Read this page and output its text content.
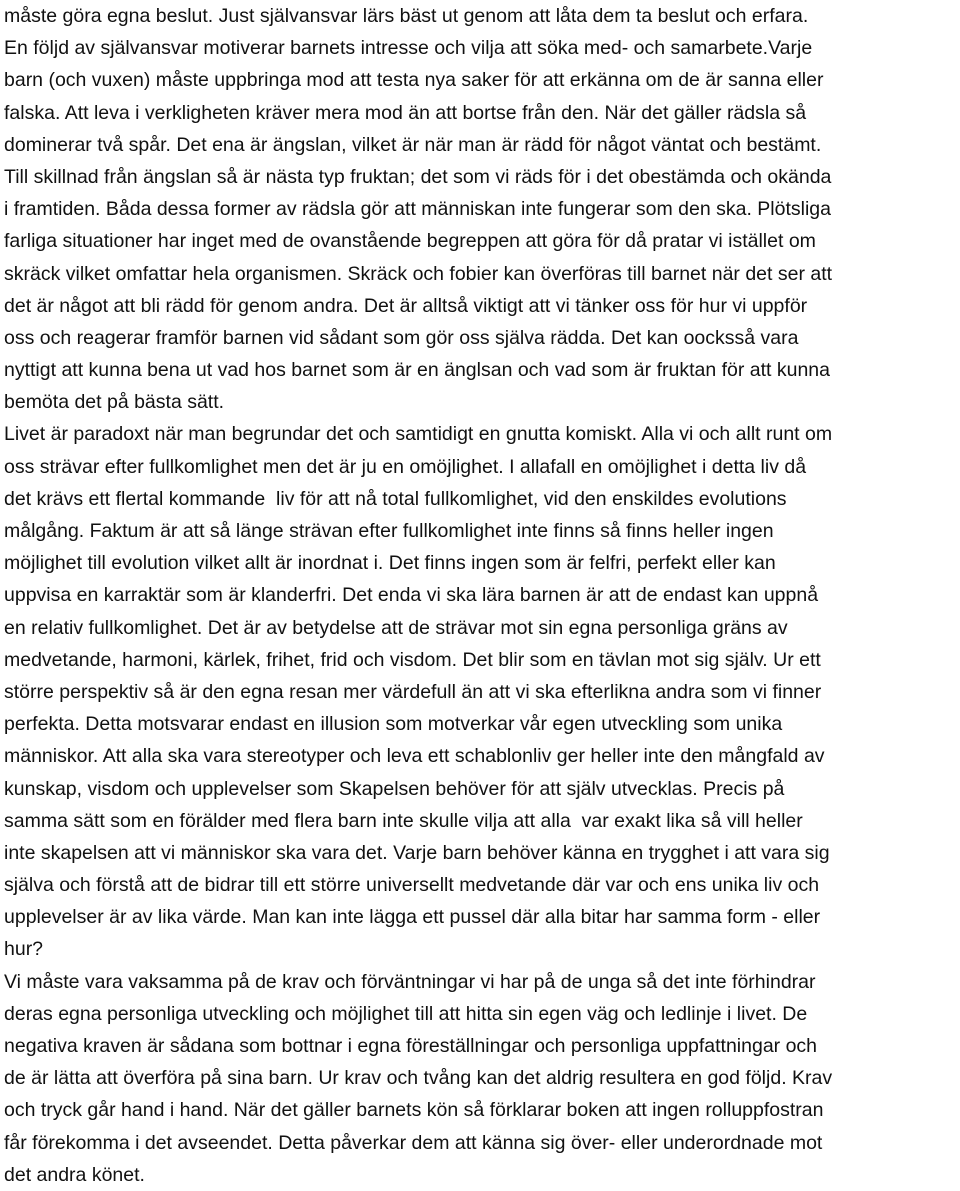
måste göra egna beslut. Just självansvar lärs bäst ut genom att låta dem ta beslut och erfara.
En följd av självansvar motiverar barnets intresse och vilja att söka med- och samarbete.Varje
barn (och vuxen) måste uppbringa mod att testa nya saker för att erkänna om de är sanna eller
falska. Att leva i verkligheten kräver mera mod än att bortse från den. När det gäller rädsla så
dominerar två spår. Det ena är ängslan, vilket är när man är rädd för något väntat och bestämt.
Till skillnad från ängslan så är nästa typ fruktan; det som vi räds för i det obestämda och okända
i framtiden. Båda dessa former av rädsla gör att människan inte fungerar som den ska. Plötsliga
farliga situationer har inget med de ovanstående begreppen att göra för då pratar vi istället om
skräck vilket omfattar hela organismen. Skräck och fobier kan överföras till barnet när det ser att
det är något att bli rädd för genom andra. Det är alltså viktigt att vi tänker oss för hur vi uppför
oss och reagerar framför barnen vid sådant som gör oss själva rädda. Det kan oocksså vara
nyttigt att kunna bena ut vad hos barnet som är en änglsan och vad som är fruktan för att kunna
bemöta det på bästa sätt.
Livet är paradoxt när man begrundar det och samtidigt en gnutta komiskt. Alla vi och allt runt om
oss strävar efter fullkomlighet men det är ju en omöjlighet. I allafall en omöjlighet i detta liv då
det krävs ett flertal kommande  liv för att nå total fullkomlighet, vid den enskildes evolutions
målgång. Faktum är att så länge strävan efter fullkomlighet inte finns så finns heller ingen
möjlighet till evolution vilket allt är inordnat i. Det finns ingen som är felfri, perfekt eller kan
uppvisa en karraktär som är klanderfri. Det enda vi ska lära barnen är att de endast kan uppnå
en relativ fullkomlighet. Det är av betydelse att de strävar mot sin egna personliga gräns av
medvetande, harmoni, kärlek, frihet, frid och visdom. Det blir som en tävlan mot sig själv. Ur ett
större perspektiv så är den egna resan mer värdefull än att vi ska efterlikna andra som vi finner
perfekta. Detta motsvarar endast en illusion som motverkar vår egen utveckling som unika
människor. Att alla ska vara stereotyper och leva ett schablonliv ger heller inte den mångfald av
kunskap, visdom och upplevelser som Skapelsen behöver för att själv utvecklas. Precis på
samma sätt som en förälder med flera barn inte skulle vilja att alla  var exakt lika så vill heller
inte skapelsen att vi människor ska vara det. Varje barn behöver känna en trygghet i att vara sig
själva och förstå att de bidrar till ett större universellt medvetande där var och ens unika liv och
upplevelser är av lika värde. Man kan inte lägga ett pussel där alla bitar har samma form - eller
hur?
Vi måste vara vaksamma på de krav och förväntningar vi har på de unga så det inte förhindrar
deras egna personliga utveckling och möjlighet till att hitta sin egen väg och ledlinje i livet. De
negativa kraven är sådana som bottnar i egna föreställningar och personliga uppfattningar och
de är lätta att överföra på sina barn. Ur krav och tvång kan det aldrig resultera en god följd. Krav
och tryck går hand i hand. När det gäller barnets kön så förklarar boken att ingen rolluppfostran
får förekomma i det avseendet. Detta påverkar dem att känna sig över- eller underordnade mot
det andra könet.
